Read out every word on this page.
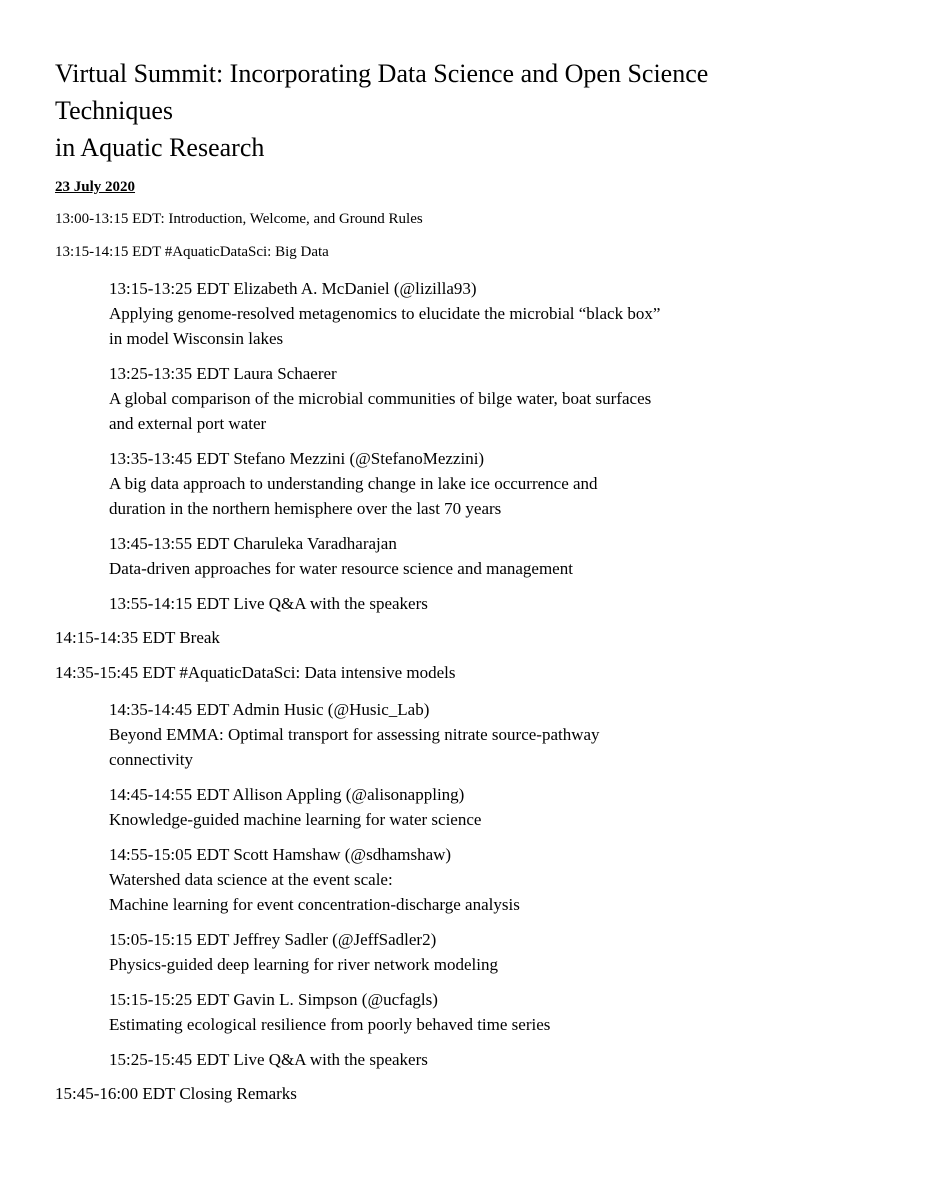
Virtual Summit: Incorporating Data Science and Open Science
Techniques
in Aquatic Research
23 July 2020
13:00-13:15 EDT: Introduction, Welcome, and Ground Rules
13:15-14:15 EDT #AquaticDataSci: Big Data
13:15-13:25 EDT Elizabeth A. McDaniel (@lizilla93)
Applying genome-resolved metagenomics to elucidate the microbial “black box”
in model Wisconsin lakes
13:25-13:35 EDT Laura Schaerer
A global comparison of the microbial communities of bilge water, boat surfaces
and external port water
13:35-13:45 EDT Stefano Mezzini (@StefanoMezzini)
A big data approach to understanding change in lake ice occurrence and
duration in the northern hemisphere over the last 70 years
13:45-13:55 EDT Charuleka Varadharajan
Data-driven approaches for water resource science and management
13:55-14:15 EDT Live Q&A with the speakers
14:15-14:35 EDT Break
14:35-15:45 EDT #AquaticDataSci: Data intensive models
14:35-14:45 EDT Admin Husic (@Husic_Lab)
Beyond EMMA: Optimal transport for assessing nitrate source-pathway
connectivity
14:45-14:55 EDT Allison Appling (@alisonappling)
Knowledge-guided machine learning for water science
14:55-15:05 EDT Scott Hamshaw (@sdhamshaw)
Watershed data science at the event scale:
Machine learning for event concentration-discharge analysis
15:05-15:15 EDT Jeffrey Sadler (@JeffSadler2)
Physics-guided deep learning for river network modeling
15:15-15:25 EDT Gavin L. Simpson (@ucfagls)
Estimating ecological resilience from poorly behaved time series
15:25-15:45 EDT Live Q&A with the speakers
15:45-16:00 EDT Closing Remarks
